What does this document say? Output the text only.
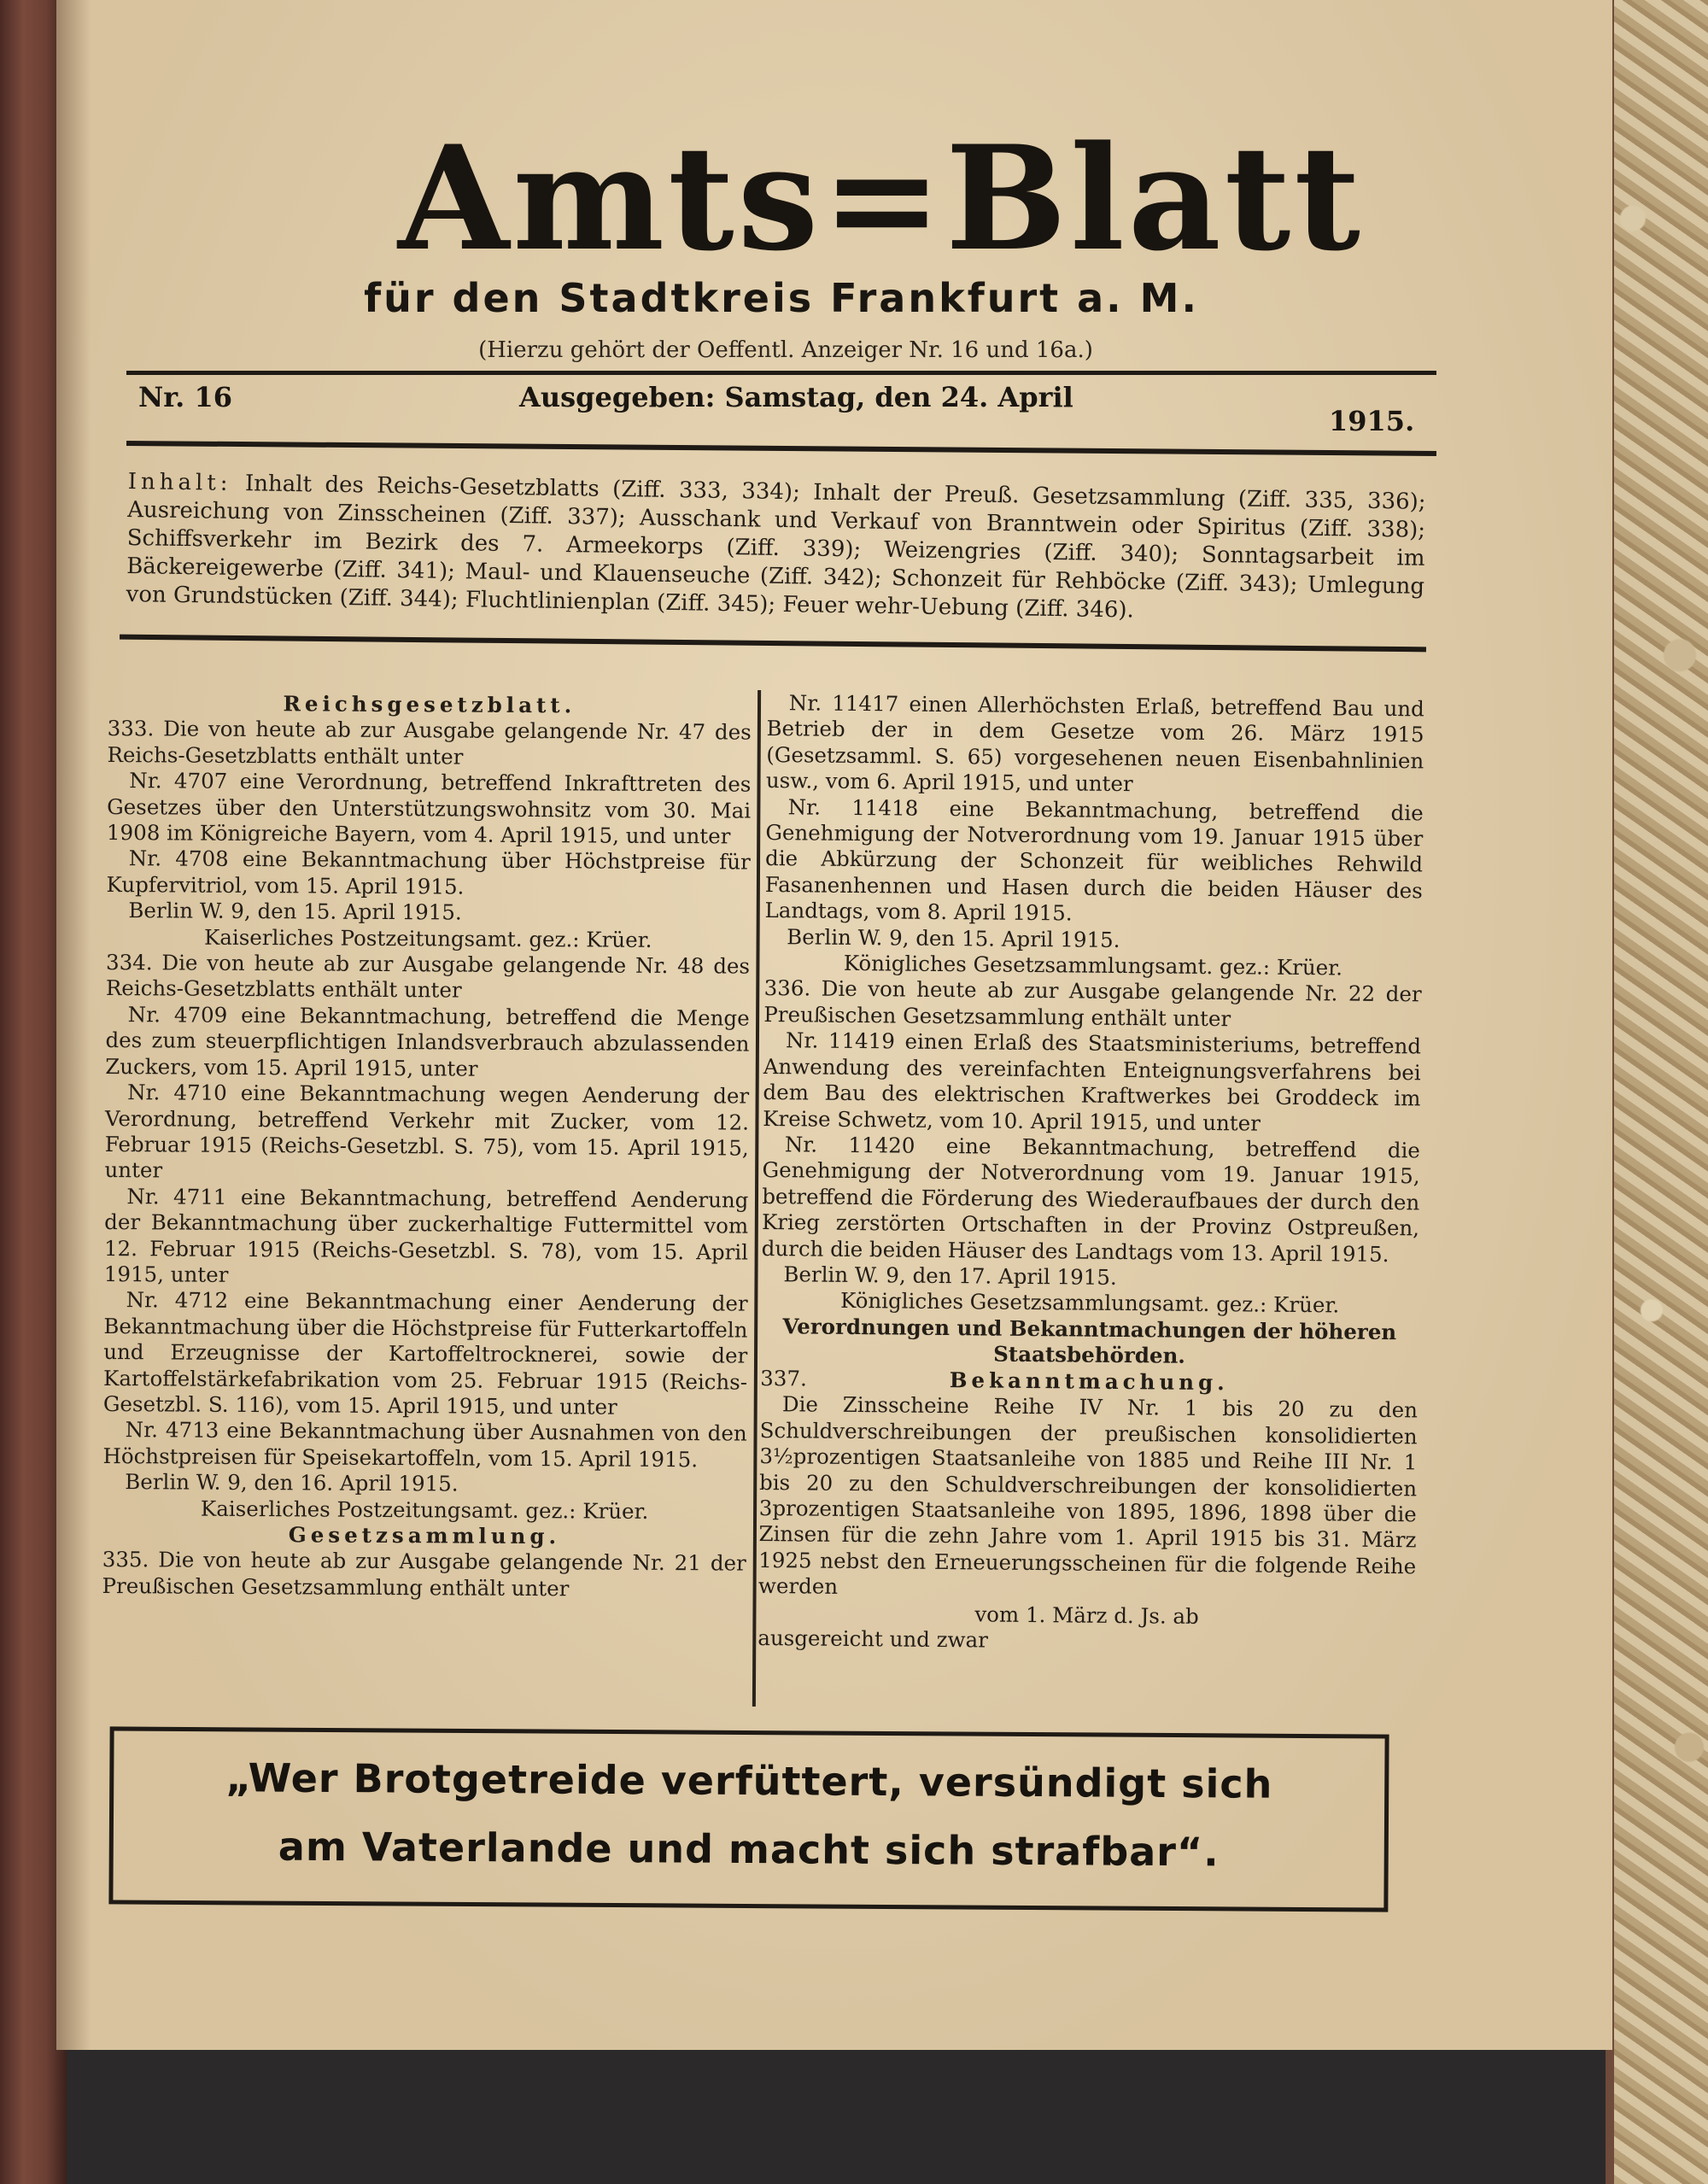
Amts=Blatt
für den Stadtkreis Frankfurt a. M.
(Hierzu gehört der Oeffentl. Anzeiger Nr. 16 und 16a.)
Nr. 16	Ausgegeben: Samstag, den 24. April
1915.
Inhalt: Inhalt des Reichs-Gesetzblatts (Ziff. 333, 334); Inhalt der Preuß. Gesetzsammlung (Ziff. 335, 336); Ausreichung von Zinsscheinen (Ziff. 337); Ausschank und Verkauf von Branntwein oder Spiritus (Ziff. 338); Schiffsverkehr im Bezirk des 7. Armeekorps (Ziff. 339); Weizengries (Ziff. 340); Sonntagsarbeit im Bäckereigewerbe (Ziff. 341); Maul- und Klauenseuche (Ziff. 342); Schonzeit für Rehböcke (Ziff. 343); Umlegung von Grundstücken (Ziff. 344); Fluchtlinienplan (Ziff. 345); Feuer wehr-Uebung (Ziff. 346).

Reichsgesetzblatt.

333. Die von heute ab zur Ausgabe gelangende Nr. 47 des Reichs-Gesetzblatts enthält unter

Nr. 4707 eine Verordnung, betreffend Inkrafttreten des Gesetzes über den Unterstützungswohnsitz vom 30. Mai 1908 im Königreiche Bayern, vom 4. April 1915, und unter

Nr. 4708 eine Bekanntmachung über Höchstpreise für Kupfervitriol, vom 15. April 1915.

Berlin W. 9, den 15. April 1915.

Kaiserliches Postzeitungsamt. gez.: Krüer.

334. Die von heute ab zur Ausgabe gelangende Nr. 48 des Reichs-Gesetzblatts enthält unter

Nr. 4709 eine Bekanntmachung, betreffend die Menge des zum steuerpflichtigen Inlandsverbrauch abzulassenden Zuckers, vom 15. April 1915, unter

Nr. 4710 eine Bekanntmachung wegen Aenderung der Verordnung, betreffend Verkehr mit Zucker, vom 12. Februar 1915 (Reichs-Gesetzbl. S. 75), vom 15. April 1915, unter

Nr. 4711 eine Bekanntmachung, betreffend Aenderung der Bekanntmachung über zuckerhaltige Futtermittel vom 12. Februar 1915 (Reichs-Gesetzbl. S. 78), vom 15. April 1915, unter

Nr. 4712 eine Bekanntmachung einer Aenderung der Bekanntmachung über die Höchstpreise für Futterkartoffeln und Erzeugnisse der Kartoffeltrocknerei, sowie der Kartoffelstärkefabrikation vom 25. Februar 1915 (Reichs-Gesetzbl. S. 116), vom 15. April 1915, und unter

Nr. 4713 eine Bekanntmachung über Ausnahmen von den Höchstpreisen für Speisekartoffeln, vom 15. April 1915.

Berlin W. 9, den 16. April 1915.

Kaiserliches Postzeitungsamt. gez.: Krüer.

Gesetzsammlung.

335. Die von heute ab zur Ausgabe gelangende Nr. 21 der Preußischen Gesetzsammlung enthält unter

Nr. 11417 einen Allerhöchsten Erlaß, betreffend Bau und Betrieb der in dem Gesetze vom 26. März 1915 (Gesetzsamml. S. 65) vorgesehenen neuen Eisenbahnlinien usw., vom 6. April 1915, und unter

Nr. 11418 eine Bekanntmachung, betreffend die Genehmigung der Notverordnung vom 19. Januar 1915 über die Abkürzung der Schonzeit für weibliches Rehwild Fasanenhennen und Hasen durch die beiden Häuser des Landtags, vom 8. April 1915.

Berlin W. 9, den 15. April 1915.

Königliches Gesetzsammlungsamt. gez.: Krüer.

336. Die von heute ab zur Ausgabe gelangende Nr. 22 der Preußischen Gesetzsammlung enthält unter

Nr. 11419 einen Erlaß des Staatsministeriums, betreffend Anwendung des vereinfachten Enteignungsverfahrens bei dem Bau des elektrischen Kraftwerkes bei Groddeck im Kreise Schwetz, vom 10. April 1915, und unter

Nr. 11420 eine Bekanntmachung, betreffend die Genehmigung der Notverordnung vom 19. Januar 1915, betreffend die Förderung des Wiederaufbaues der durch den Krieg zerstörten Ortschaften in der Provinz Ostpreußen, durch die beiden Häuser des Landtags vom 13. April 1915.

Berlin W. 9, den 17. April 1915.

Königliches Gesetzsammlungsamt. gez.: Krüer.

Verordnungen und Bekanntmachungen der höheren Staatsbehörden.

337.	Bekanntmachung.

Die Zinsscheine Reihe IV Nr. 1 bis 20 zu den Schuldverschreibungen der preußischen konsolidierten 3½prozentigen Staatsanleihe von 1885 und Reihe III Nr. 1 bis 20 zu den Schuldverschreibungen der konsolidierten 3prozentigen Staatsanleihe von 1895, 1896, 1898 über die Zinsen für die zehn Jahre vom 1. April 1915 bis 31. März 1925 nebst den Erneuerungsscheinen für die folgende Reihe werden

vom 1. März d. Js. ab

ausgereicht und zwar

„Wer Brotgetreide verfüttert, versündigt sich

am Vaterlande und macht sich strafbar“.
